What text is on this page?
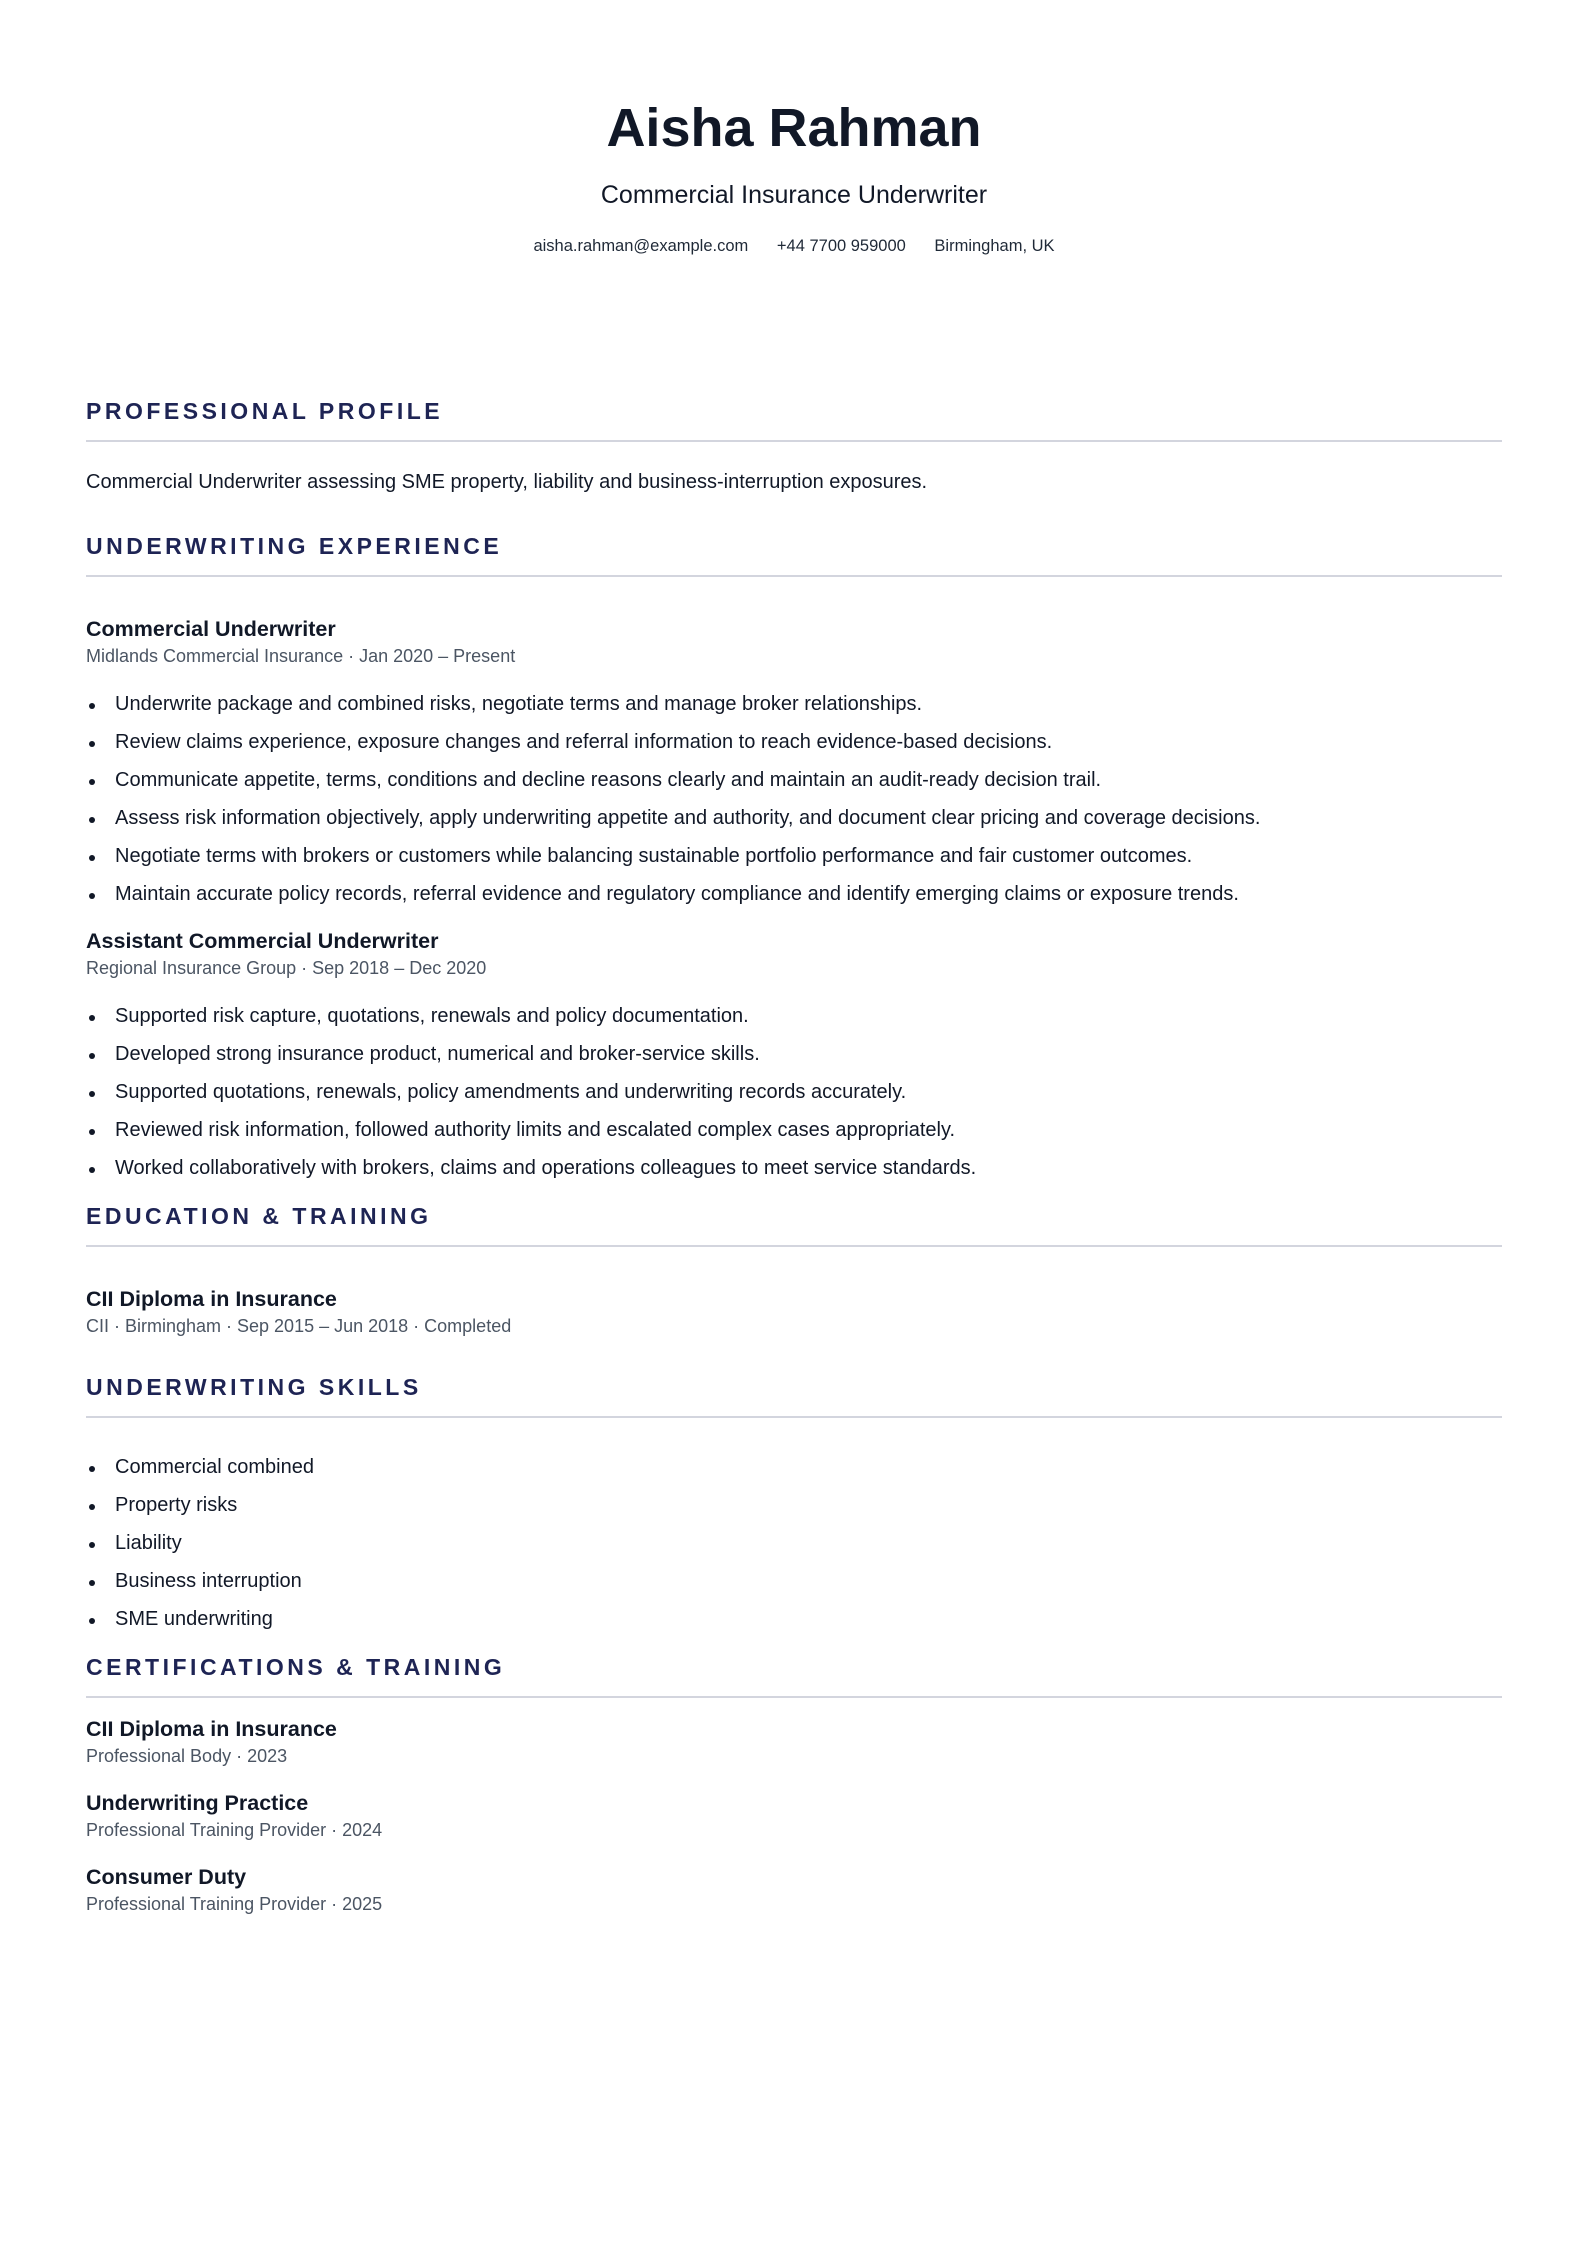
Aisha Rahman
Commercial Insurance Underwriter
aisha.rahman@example.com +44 7700 959000 Birmingham, UK
PROFESSIONAL PROFILE
Commercial Underwriter assessing SME property, liability and business-interruption exposures.
UNDERWRITING EXPERIENCE
Commercial Underwriter
Midlands Commercial Insurance · Jan 2020 – Present
Underwrite package and combined risks, negotiate terms and manage broker relationships.
Review claims experience, exposure changes and referral information to reach evidence-based decisions.
Communicate appetite, terms, conditions and decline reasons clearly and maintain an audit-ready decision trail.
Assess risk information objectively, apply underwriting appetite and authority, and document clear pricing and coverage decisions.
Negotiate terms with brokers or customers while balancing sustainable portfolio performance and fair customer outcomes.
Maintain accurate policy records, referral evidence and regulatory compliance and identify emerging claims or exposure trends.
Assistant Commercial Underwriter
Regional Insurance Group · Sep 2018 – Dec 2020
Supported risk capture, quotations, renewals and policy documentation.
Developed strong insurance product, numerical and broker-service skills.
Supported quotations, renewals, policy amendments and underwriting records accurately.
Reviewed risk information, followed authority limits and escalated complex cases appropriately.
Worked collaboratively with brokers, claims and operations colleagues to meet service standards.
EDUCATION & TRAINING
CII Diploma in Insurance
CII · Birmingham · Sep 2015 – Jun 2018 · Completed
UNDERWRITING SKILLS
Commercial combined
Property risks
Liability
Business interruption
SME underwriting
CERTIFICATIONS & TRAINING
CII Diploma in Insurance
Professional Body · 2023
Underwriting Practice
Professional Training Provider · 2024
Consumer Duty
Professional Training Provider · 2025
